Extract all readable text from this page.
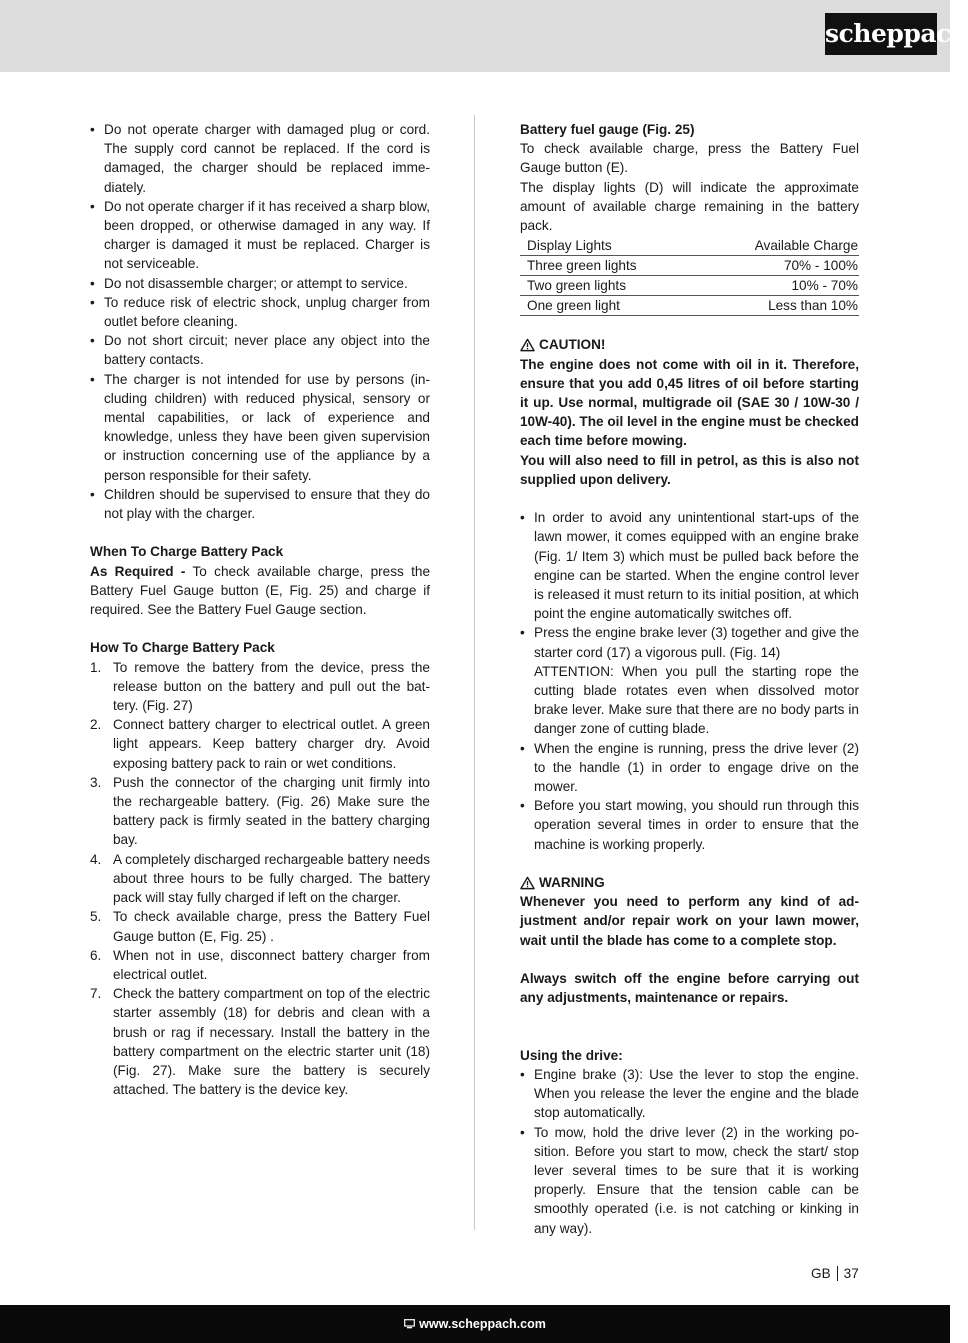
scheppach
• Do not operate charger with damaged plug or cord. The supply cord cannot be replaced. If the cord is damaged, the charger should be replaced immediately.
• Do not operate charger if it has received a sharp blow, been dropped, or otherwise damaged in any way. If charger is damaged it must be replaced. Charger is not serviceable.
• Do not disassemble charger; or attempt to service.
• To reduce risk of electric shock, unplug charger from outlet before cleaning.
• Do not short circuit; never place any object into the battery contacts.
• The charger is not intended for use by persons (including children) with reduced physical, sensory or mental capabilities, or lack of experience and knowledge, unless they have been given supervision or instruction concerning use of the appliance by a person responsible for their safety.
• Children should be supervised to ensure that they do not play with the charger.
When To Charge Battery Pack

As Required - To check available charge, press the Battery Fuel Gauge button (E, Fig. 25) and charge if required. See the Battery Fuel Gauge section.

How To Charge Battery Pack
1. To remove the battery from the device, press the release button on the battery and pull out the battery. (Fig. 27)
2. Connect battery charger to electrical outlet. A green light appears. Keep battery charger dry. Avoid exposing battery pack to rain or wet conditions.
3. Push the connector of the charging unit firmly into the rechargeable battery. (Fig. 26) Make sure the battery pack is firmly seated in the battery charging bay.
4. A completely discharged rechargeable battery needs about three hours to be fully charged. The battery pack will stay fully charged if left on the charger.
5. To check available charge, press the Battery Fuel Gauge button (E, Fig. 25) .
6. When not in use, disconnect battery charger from electrical outlet.
7. Check the battery compartment on top of the electric starter assembly (18) for debris and clean with a brush or rag if necessary. Install the battery in the battery compartment on the electric starter unit (18) (Fig. 27). Make sure the battery is securely attached. The battery is the device key.
Battery fuel gauge (Fig. 25)

To check available charge, press the Battery Fuel Gauge button (E).

The display lights (D) will indicate the approximate amount of available charge remaining in the battery pack.

Display Lights	Available Charge
Three green lights	70% - 100%
Two green lights	10% - 70%
One green light	Less than 10%
CAUTION!

The engine does not come with oil in it. Therefore, ensure that you add 0,45 litres of oil before starting it up. Use normal, multigrade oil (SAE 30 / 10W-30 / 10W-40). The oil level in the engine must be checked each time before mowing.

You will also need to fill in petrol, as this is also not supplied upon delivery.

• In order to avoid any unintentional start-ups of the lawn mower, it comes equipped with an engine brake (Fig. 1/ Item 3) which must be pulled back before the engine can be started. When the engine control lever is released it must return to its initial position, at which point the engine automatically switches off.
• Press the engine brake lever (3) together and give the starter cord (17) a vigorous pull. (Fig. 14)
ATTENTION: When you pull the starting rope the cutting blade rotates even when dissolved motor brake lever. Make sure that there are no body parts in danger zone of cutting blade.
• When the engine is running, press the drive lever (2) to the handle (1) in order to engage drive on the mower.
• Before you start mowing, you should run through this operation several times in order to ensure that the machine is working properly.
WARNING

Whenever you need to perform any kind of adjustment and/or repair work on your lawn mower, wait until the blade has come to a complete stop.

Always switch off the engine before carrying out any adjustments, maintenance or repairs.

Using the drive:
• Engine brake (3): Use the lever to stop the engine. When you release the lever the engine and the blade stop automatically.
• To mow, hold the drive lever (2) in the working position. Before you start to mow, check the start/ stop lever several times to be sure that it is working properly. Ensure that the tension cable can be smoothly operated (i.e. is not catching or kinking in any way).
GB 37
www.scheppach.com
